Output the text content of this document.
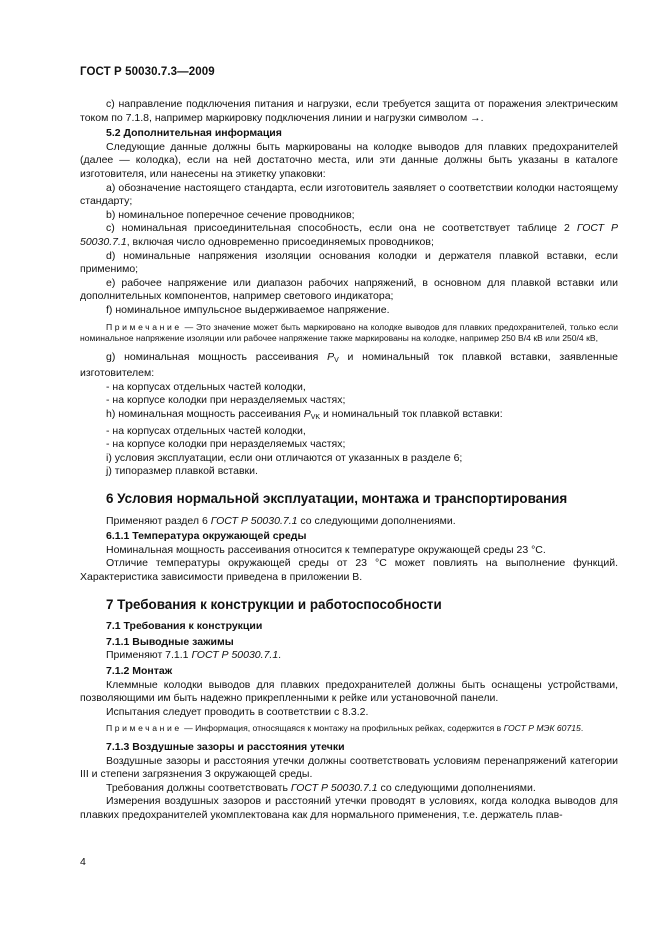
ГОСТ Р 50030.7.3—2009

с) направление подключения питания и нагрузки, если требуется защита от поражения электрическим током по 7.1.8, например маркировку подключения линии и нагрузки символом →.

5.2 Дополнительная информация

Следующие данные должны быть маркированы на колодке выводов для плавких предохранителей (далее — колодка), если на ней достаточно места, или эти данные должны быть указаны в каталоге изготовителя, или нанесены на этикетку упаковки:

а) обозначение настоящего стандарта, если изготовитель заявляет о соответствии колодки настоящему стандарту;

b) номинальное поперечное сечение проводников;

с) номинальная присоединительная способность, если она не соответствует таблице 2 ГОСТ Р 50030.7.1, включая число одновременно присоединяемых проводников;

d) номинальные напряжения изоляции основания колодки и держателя плавкой вставки, если применимо;

е) рабочее напряжение или диапазон рабочих напряжений, в основном для плавкой вставки или дополнительных компонентов, например светового индикатора;

f) номинальное импульсное выдерживаемое напряжение.

Примечание — Это значение может быть маркировано на колодке выводов для плавких предохранителей, только если номинальное напряжение изоляции или рабочее напряжение также маркированы на колодке, например 250 В/4 кВ или 250/4 кВ,

g) номинальная мощность рассеивания $P_V$ и номинальный ток плавкой вставки, заявленные изготовителем:

- на корпусах отдельных частей колодки,

- на корпусе колодки при неразделяемых частях;

h) номинальная мощность рассеивания $P_{VK}$ и номинальный ток плавкой вставки:

- на корпусах отдельных частей колодки,

- на корпусе колодки при неразделяемых частях;

i) условия эксплуатации, если они отличаются от указанных в разделе 6;

j) типоразмер плавкой вставки.

6 Условия нормальной эксплуатации, монтажа и транспортирования

Применяют раздел 6 ГОСТ Р 50030.7.1 со следующими дополнениями.

6.1.1 Температура окружающей среды

Номинальная мощность рассеивания относится к температуре окружающей среды 23 °С.

Отличие температуры окружающей среды от 23 °С может повлиять на выполнение функций. Характеристика зависимости приведена в приложении В.

7 Требования к конструкции и работоспособности
7.1 Требования к конструкции
7.1.1 Выводные зажимы

Применяют 7.1.1 ГОСТ Р 50030.7.1.

7.1.2 Монтаж

Клеммные колодки выводов для плавких предохранителей должны быть оснащены устройствами, позволяющими им быть надежно прикрепленными к рейке или установочной панели.

Испытания следует проводить в соответствии с 8.3.2.

Примечание — Информация, относящаяся к монтажу на профильных рейках, содержится в ГОСТ Р МЭК 60715.

7.1.3 Воздушные зазоры и расстояния утечки

Воздушные зазоры и расстояния утечки должны соответствовать условиям перенапряжений категории III и степени загрязнения 3 окружающей среды.

Требования должны соответствовать ГОСТ Р 50030.7.1 со следующими дополнениями.

Измерения воздушных зазоров и расстояний утечки проводят в условиях, когда колодка выводов для плавких предохранителей укомплектована как для нормального применения, т.е. держатель плав-

4
